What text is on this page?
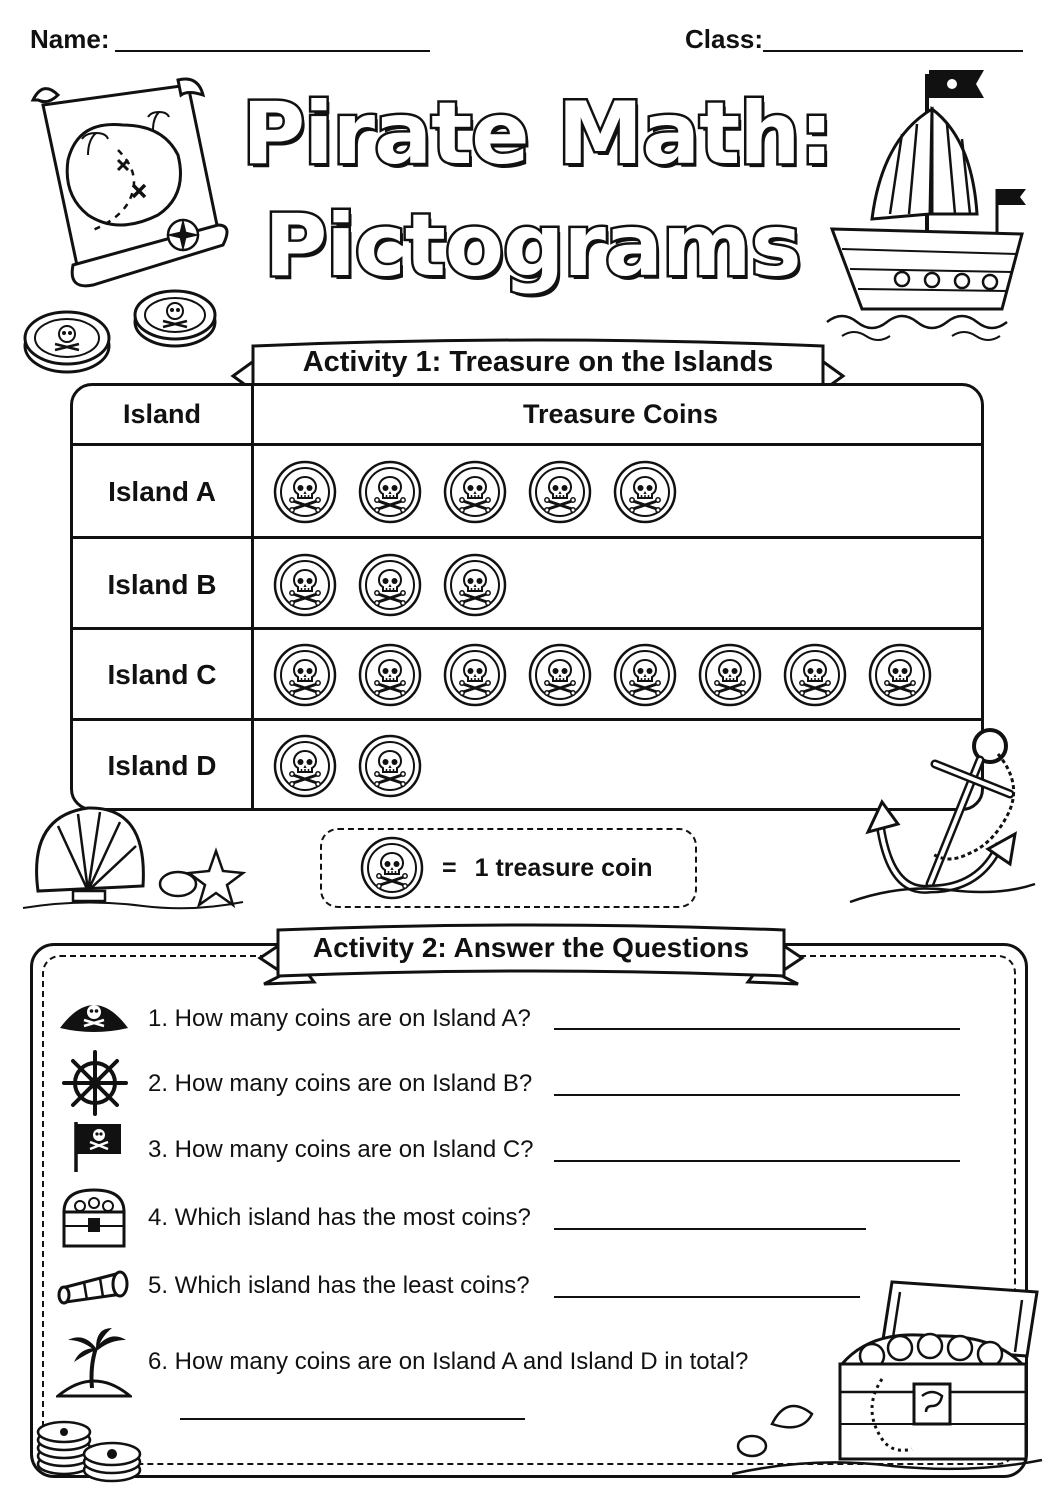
Name:	Class:
Pirate Math:
Pictograms
Activity 1: Treasure on the Islands
Island	Treasure Coins
Island A
Island B
Island C
Island D
= 1 treasure coin
Activity 2: Answer the Questions
1. How many coins are on Island A?
2. How many coins are on Island B?
3. How many coins are on Island C?
4. Which island has the most coins?
5. Which island has the least coins?
6. How many coins are on Island A and Island D in total?
